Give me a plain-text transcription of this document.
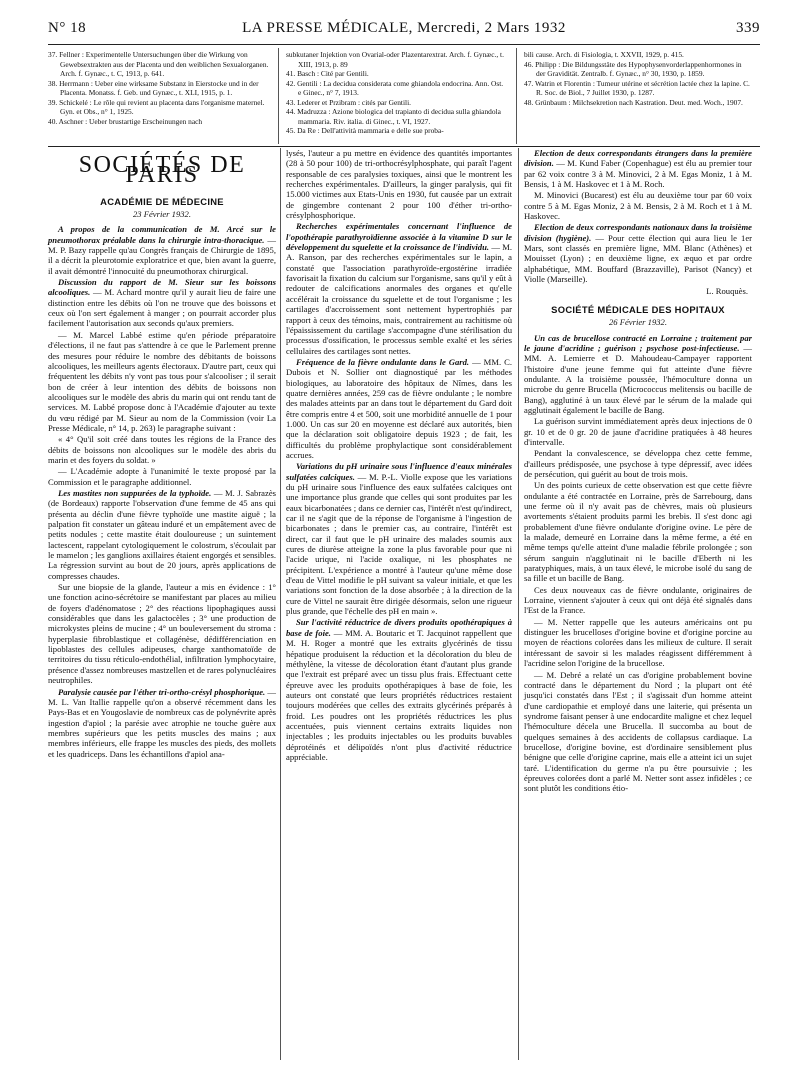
N° 18	LA PRESSE MÉDICALE, Mercredi, 2 Mars 1932	339
37. Fellner : Experimentelle Untersuchungen über die Wirkung von Gewebsextrakten aus der Placenta und den weiblichen Sexualorganen. Arch. f. Gynæc., t. C, 1913, p. 641.
38. Herrmann : Ueber eine wirksame Substanz in Eierstocke und in der Placenta. Monatss. f. Geb. und Gynæc., t. XLI, 1915, p. 1.
39. Schickelé : Le rôle qui revient au placenta dans l'organisme maternel. Gyn. et Obs., n° 1, 1925.
40. Aschner : Ueber brustartige Erscheinungen nach
subkutaner Injektion von Ovarial-oder Plazentarextrat. Arch. f. Gynæc., t. XIII, 1913, p. 89
41. Basch : Cité par Gentili.
42. Gentili : La decidua considerata come ghiandola endocrina. Ann. Ost. e Ginec., n° 7, 1913.
43. Lederer et Przibram : cités par Gentili.
44. Madruzza : Azione biologica del trapianto di decidua sulla ghiandola mammaria. Riv. italia. di Ginec., t. VI, 1927.
45. Da Re : Dell'attività mammaria e delle sue proba-
bili cause. Arch. di Fisiologia, t. XXVII, 1929, p. 415.
46. Philipp : Die Bildungsstäte des Hypophysenvorderlappenhormones in der Gravidität. Zentralb. f. Gynæc., n° 30, 1930, p. 1859.
47. Watrin et Florentin : Tumeur utérine et sécrétion lactée chez la lapine. C. R. Soc. de Biol., 7 Juillet 1930, p. 1287.
48. Grünbaum : Milchsekretion nach Kastration. Deut. med. Woch., 1907.
SOCIÉTÉS DE PARIS
ACADÉMIE DE MÉDECINE
23 Février 1932.

A propos de la communication de M. Arcé sur le pneumothorax préalable dans la chirurgie intra-thoracique. — M. P. Bazy rappelle qu'au Congrès français de Chirurgie de 1895, il a décrit la pleurotomie exploratrice et que, bien avant la guerre, il avait démontré l'innocuité du pneumothorax chirurgical.

Discussion du rapport de M. Sieur sur les boissons alcooliques. — M. Achard montre qu'il y aurait lieu de faire une distinction entre les débits où l'on ne trouve que des boissons et ceux où l'on sert également à manger ; on pourrait accorder plus facilement l'autorisation aux seconds qu'aux premiers.

— M. Marcel Labbé estime qu'en période préparatoire d'élections, il ne faut pas s'attendre à ce que le Parlement prenne des mesures pour réduire le nombre des débitants de boissons alcooliques, les meilleurs agents électoraux. D'autre part, ceux qui fréquentent les débits n'y vont pas tous pour s'alcooliser ; il serait bon de créer à leur intention des débits de boissons non alcooliques sur le modèle des abris du marin qui ont rendu tant de services. M. Labbé propose donc à l'Académie d'ajouter au texte du vœu rédigé par M. Sieur au nom de la Commission (voir La Presse Médicale, n° 14, p. 263) le paragraphe suivant :

« 4° Qu'il soit créé dans toutes les régions de la France des débits de boissons non alcooliques sur le modèle des abris du marin et des foyers du soldat. »

— L'Académie adopte à l'unanimité le texte proposé par la Commission et le paragraphe additionnel.

Les mastites non suppurées de la typhoïde. — M. J. Sabrazès (de Bordeaux) rapporte l'observation d'une femme de 45 ans qui présenta au déclin d'une fièvre typhoïde une mastite aiguë ; la palpation fit constater un gâteau induré et un empâtement avec de petits nodules ; cette mastite était douloureuse ; un suintement lactescent, rappelant cytologiquement le colostrum, s'écoulait par le mamelon ; les ganglions axillaires étaient engorgés et sensibles. La régression survint au bout de 20 jours, après applications de compresses chaudes.

Sur une biopsie de la glande, l'auteur a mis en évidence : 1° une fonction acino-sécrétoire se manifestant par places au milieu de foyers d'adénomatose ; 2° des réactions lipophagiques aussi considérables que dans les galactocèles ; 3° une production de microkystes pleins de mucine ; 4° un bouleversement du stroma : hyperplasie fibroblastique et collagénèse, dédifférenciation en lipoblastes des cellules adipeuses, charge xanthomatoïde de territoires du tissu réticulo-endothélial, infiltration lymphocytaire, présence d'assez nombreuses mastzellen et de rares polynucléaires neutrophiles.

Paralysie causée par l'éther tri-ortho-crésyl phosphorique. — M. L. Van Itallie rappelle qu'on a observé récemment dans les Pays-Bas et en Yougoslavie de nombreux cas de polynévrite après ingestion d'apiol ; la parésie avec atrophie ne touche guère aux membres supérieurs que les petits muscles des mains ; aux membres inférieurs, elle frappe les muscles des pieds, des mollets et les quadriceps. Dans les échantillons d'apiol ana-

lysés, l'auteur a pu mettre en évidence des quantités importantes (28 à 50 pour 100) de tri-orthocrésylphosphate, qui paraît l'agent responsable de ces paralysies toxiques, ainsi que le montrent les recherches expérimentales. D'ailleurs, la ginger paralysis, qui fit 15.000 victimes aux Etats-Unis en 1930, fut causée par un extrait de gingembre contenant 2 pour 100 d'éther tri-ortho-crésylphosphorique.

Recherches expérimentales concernant l'influence de l'opothérapie parathyroïdienne associée à la vitamine D sur le développement du squelette et la croissance de l'individu. — M. A. Ranson, par des recherches expérimentales sur le lapin, a constaté que l'association parathyroïde-ergostérine irradiée favorisait la fixation du calcium sur l'organisme, sans qu'il y eût à redouter de calcifications anormales des organes et qu'elle accélérait la croissance du squelette et de tout l'organisme ; les cartilages d'accroissement sont nettement hypertrophiés par rapport à ceux des témoins, mais, contrairement au rachitisme où l'épaississement du cartilage s'accompagne d'une stérilisation du processus d'ossification, le processus semble exalté et les séries cellulaires des cartilages sont nettes.

Fréquence de la fièvre ondulante dans le Gard. — MM. C. Dubois et N. Sollier ont diagnostiqué par les méthodes biologiques, au laboratoire des hôpitaux de Nîmes, dans les quatre dernières années, 259 cas de fièvre ondulante ; le nombre des malades atteints par an dans tout le département du Gard doit être compris entre 4 et 500, soit une morbidité annuelle de 1 pour 1.000. Un cas sur 20 en moyenne est déclaré aux autorités, bien que la déclaration soit obligatoire depuis 1923 ; de fait, les difficultés du problème prophylactique sont considérablement accrues.

Variations du pH urinaire sous l'influence d'eaux minérales sulfatées calciques. — M. P.-L. Violle expose que les variations du pH urinaire sous l'influence des eaux sulfatées calciques ont une importance plus grande que celles qui sont produites par les eaux bicarbonatées ; dans ce dernier cas, l'intérêt n'est qu'indirect, car il ne s'agit que de la réponse de l'organisme à l'ingestion de bicarbonates ; dans le premier cas, au contraire, l'intérêt est direct, car il faut que le pH urinaire des malades soumis aux cures de diurèse atteigne la zone la plus favorable pour que ni l'acide urique, ni l'acide oxalique, ni les phosphates ne précipitent. L'expérience a montré à l'auteur qu'une même dose d'eau de Vittel modifie le pH suivant sa valeur initiale, et que les variations sont fonction de la dose absorbée ; à la direction de la cure de Vittel ne saurait être dirigée désormais, selon une rigueur plus grande, que l'échelle des pH en main ».

Sur l'activité réductrice de divers produits opothérapiques à base de foie. — MM. A. Boutaric et T. Jacquinot rappellent que M. H. Roger a montré que les extraits glycérinés de tissu hépatique produisent la réduction et la décoloration du bleu de méthylène, la vitesse de décoloration étant d'autant plus grande que l'extrait est préparé avec un tissu plus frais. Effectuant cette épreuve avec les produits opothérapiques à base de foie, les auteurs ont constaté que leurs propriétés réductrices restaient toujours modérées que celles des extraits glycérinés préparés à froid. Les poudres ont les propriétés réductrices les plus accentuées, puis viennent certains extraits liquides non injectables ; les produits injectables ou les produits buvables déprotéinés et délipoïdés n'ont plus d'activité réductrice appréciable.

Election de deux correspondants étrangers dans la première division. — M. Kund Faber (Copenhague) est élu au premier tour par 62 voix contre 3 à M. Minovici, 2 à M. Egas Moniz, 1 à M. Bensis, 1 à M. Haskovec et 1 à M. Roch.

M. Minovici (Bucarest) est élu au deuxième tour par 60 voix contre 5 à M. Egas Moniz, 2 à M. Bensis, 2 à M. Roch et 1 à M. Haskovec.

Election de deux correspondants nationaux dans la troisième division (hygiène). — Pour cette élection qui aura lieu le 1er Mars, sont classés en première ligne, MM. Blanc (Athènes) et Mouisset (Lyon) ; en deuxième ligne, ex æquo et par ordre alphabétique, MM. Bouffard (Brazzaville), Parisot (Nancy) et Violle (Marseille).

L. Rouquès.
SOCIÉTÉ MÉDICALE DES HOPITAUX
26 Février 1932.

Un cas de brucellose contracté en Lorraine ; traitement par le jaune d'acridine ; guérison ; psychose post-infectieuse. — MM. A. Lemierre et D. Mahoudeau-Campayer rapportent l'histoire d'une jeune femme qui fut atteinte d'une fièvre ondulante. A la troisième poussée, l'hémoculture donna un microbe du genre Brucella (Micrococcus melitensis ou bacille de Bang), agglutiné à un taux élevé par le sérum de la malade qui agglutinait également le bacille de Bang.

La guérison survint immédiatement après deux injections de 0 gr. 10 et de 0 gr. 20 de jaune d'acridine pratiquées à 48 heures d'intervalle.

Pendant la convalescence, se développa chez cette femme, d'ailleurs prédisposée, une psychose à type dépressif, avec idées de persécution, qui guérit au bout de trois mois.

Un des points curieux de cette observation est que cette fièvre ondulante a été contractée en Lorraine, près de Sarrebourg, dans une ferme où il n'y avait pas de chèvres, mais où plusieurs avortements s'étaient produits parmi les brebis. Il s'est donc agi probablement d'une fièvre ondulante d'origine ovine. Le père de la malade, demeuré en Lorraine dans la même ferme, a été en même temps qu'elle atteint d'une maladie fébrile prolongée ; son sérum sanguin n'agglutinait ni le bacille d'Eberth ni les paratyphiques, mais, à un taux élevé, le microbe isolé du sang de sa fille et un bacille de Bang.

Ces deux nouveaux cas de fièvre ondulante, originaires de Lorraine, viennent s'ajouter à ceux qui ont déjà été signalés dans l'Est de la France.

— M. Netter rappelle que les auteurs américains ont pu distinguer les brucelloses d'origine bovine et d'origine porcine au moyen de réactions colorées dans les milieux de culture. Il serait intéressant de savoir si les malades réagissent différemment à l'acridine selon l'origine de la brucellose.

— M. Debré a relaté un cas d'origine probablement bovine contracté dans le département du Nord ; la plupart ont été jusqu'ici constatés dans l'Est ; il s'agissait d'un homme atteint d'une cardiopathie et employé dans une laiterie, qui présenta un syndrome faisant penser à une endocardite maligne et chez lequel l'hémoculture décela une Brucella. Il succomba au bout de quelques semaines à des accidents de collapsus cardiaque. La brucellose, d'origine bovine, est d'ordinaire sensiblement plus bénigne que celle d'origine caprine, mais elle a atteint ici un sujet taré. L'identification du germe n'a pu être poursuivie ; les épreuves colorées dont a parlé M. Netter sont assez infidèles ; ce sont plutôt les conditions étio-
